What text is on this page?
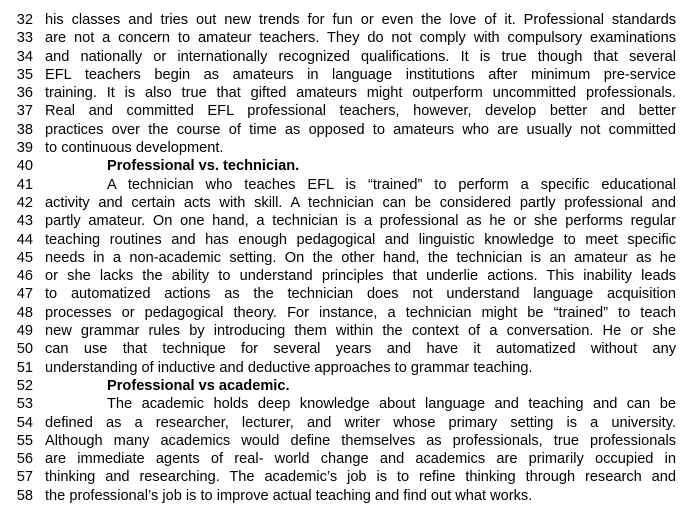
32 his classes and tries out new trends for fun or even the love of it. Professional standards
33 are not a concern to amateur teachers. They do not comply with compulsory examinations
34 and nationally or internationally recognized qualifications. It is true though that several
35 EFL teachers begin as amateurs in language institutions after minimum pre-service
36 training. It is also true that gifted amateurs might outperform uncommitted professionals.
37 Real and committed EFL professional teachers, however, develop better and better
38 practices over the course of time as opposed to amateurs who are usually not committed
39 to continuous development.
40	Professional vs. technician.
41	A technician who teaches EFL is “trained” to perform a specific educational
42 activity and certain acts with skill. A technician can be considered partly professional and
43 partly amateur. On one hand, a technician is a professional as he or she performs regular
44 teaching routines and has enough pedagogical and linguistic knowledge to meet specific
45 needs in a non-academic setting. On the other hand, the technician is an amateur as he
46 or she lacks the ability to understand principles that underlie actions. This inability leads
47 to automatized actions as the technician does not understand language acquisition
48 processes or pedagogical theory. For instance, a technician might be “trained” to teach
49 new grammar rules by introducing them within the context of a conversation. He or she
50 can use that technique for several years and have it automatized without any
51 understanding of inductive and deductive approaches to grammar teaching.
52	Professional vs academic.
53	The academic holds deep knowledge about language and teaching and can be
54 defined as a researcher, lecturer, and writer whose primary setting is a university.
55 Although many academics would define themselves as professionals, true professionals
56 are immediate agents of real- world change and academics are primarily occupied in
57 thinking and researching. The academic’s job is to refine thinking through research and
58 the professional’s job is to improve actual teaching and find out what works.
